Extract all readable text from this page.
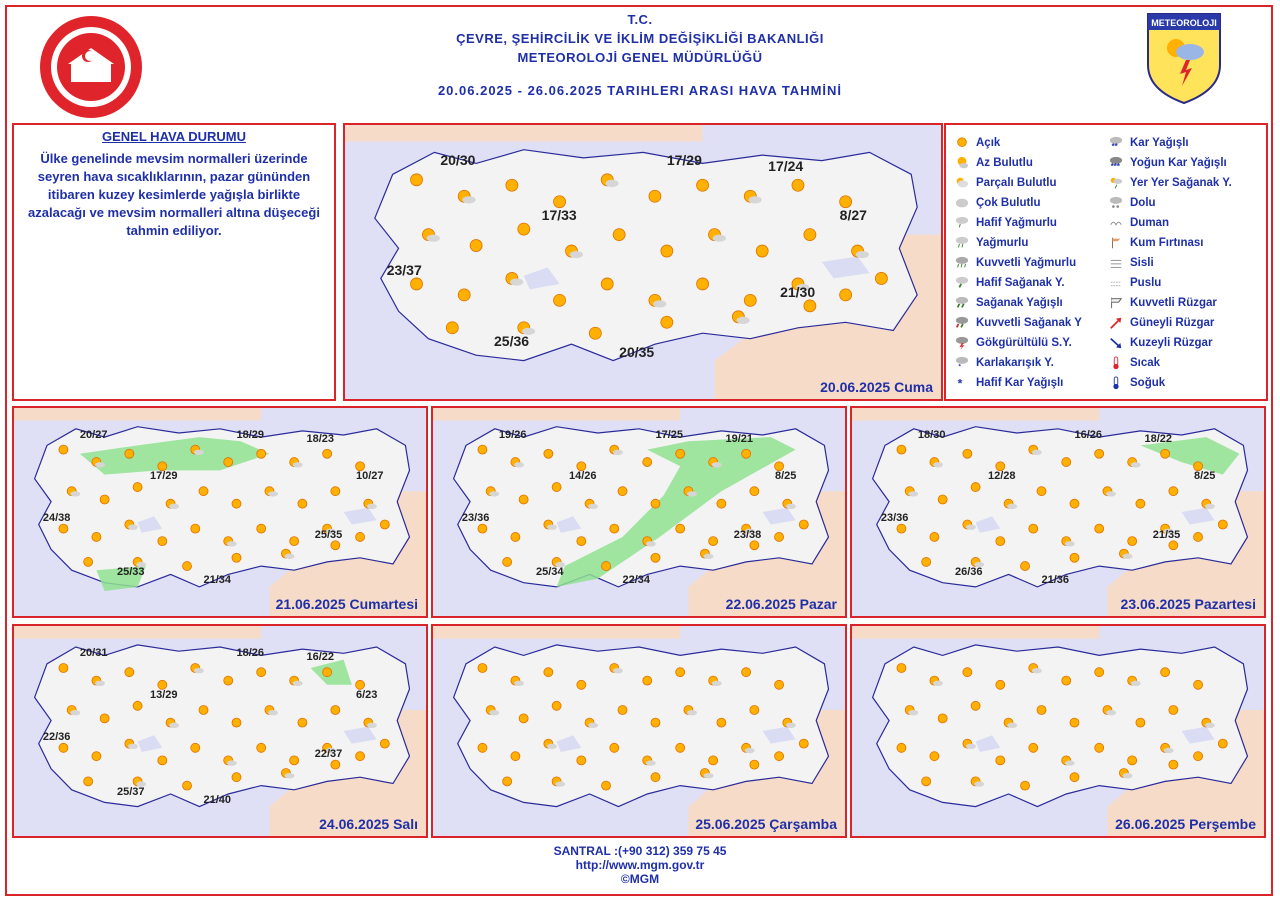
T.C.
ÇEVRE, ŞEHİRCİLİK VE İKLİM DEĞİŞİKLİĞİ BAKANLIĞI
METEOROLOJİ GENEL MÜDÜRLÜĞÜ
20.06.2025 - 26.06.2025 TARIHLERI ARASI HAVA TAHMİNİ
METEOROLOJI
GENEL HAVA DURUMU

Ülke genelinde mevsim normalleri üzerinde seyren hava sıcaklıklarının, pazar gününden itibaren kuzey kesimlerde yağışla birlikte azalacağı ve mevsim normalleri altına düşeceği tahmin ediliyor.

20/30	17/29	17/24
17/33	8/27
23/37
21/30
25/36
20/35
20.06.2025 Cuma
Açık
Az Bulutlu
Parçalı Bulutlu
Çok Bulutlu
Hafif Yağmurlu
Yağmurlu
Kuvvetli Yağmurlu
Hafif Sağanak Y.
Sağanak Yağışlı
Kuvvetli Sağanak Y
Gökgürültülü S.Y.
* Karlakarışık Y.
* Hafif Kar Yağışlı
** Kar Yağışlı
*** Yoğun Kar Yağışlı
Yer Yer Sağanak Y.
Dolu
Duman
Kum Fırtınası
Sisli
Puslu
Kuvvetli Rüzgar
Güneyli Rüzgar
Kuzeyli Rüzgar
Sıcak
Soğuk
20/27	18/29	18/23
17/29	10/27
24/38
25/35
25/33
21/34
21.06.2025 Cumartesi
19/26	17/25	19/21
14/26	8/25
23/36
23/38
25/34
22/34
22.06.2025 Pazar
18/30	16/26	18/22
12/28	8/25
23/36
21/35
26/36
21/36
23.06.2025 Pazartesi
20/31	18/26	16/22
13/29	6/23
22/36
22/37
25/37
21/40
24.06.2025 Salı	25.06.2025 Çarşamba	26.06.2025 Perşembe
SANTRAL :(+90 312) 359 75 45
http://www.mgm.gov.tr
©MGM
